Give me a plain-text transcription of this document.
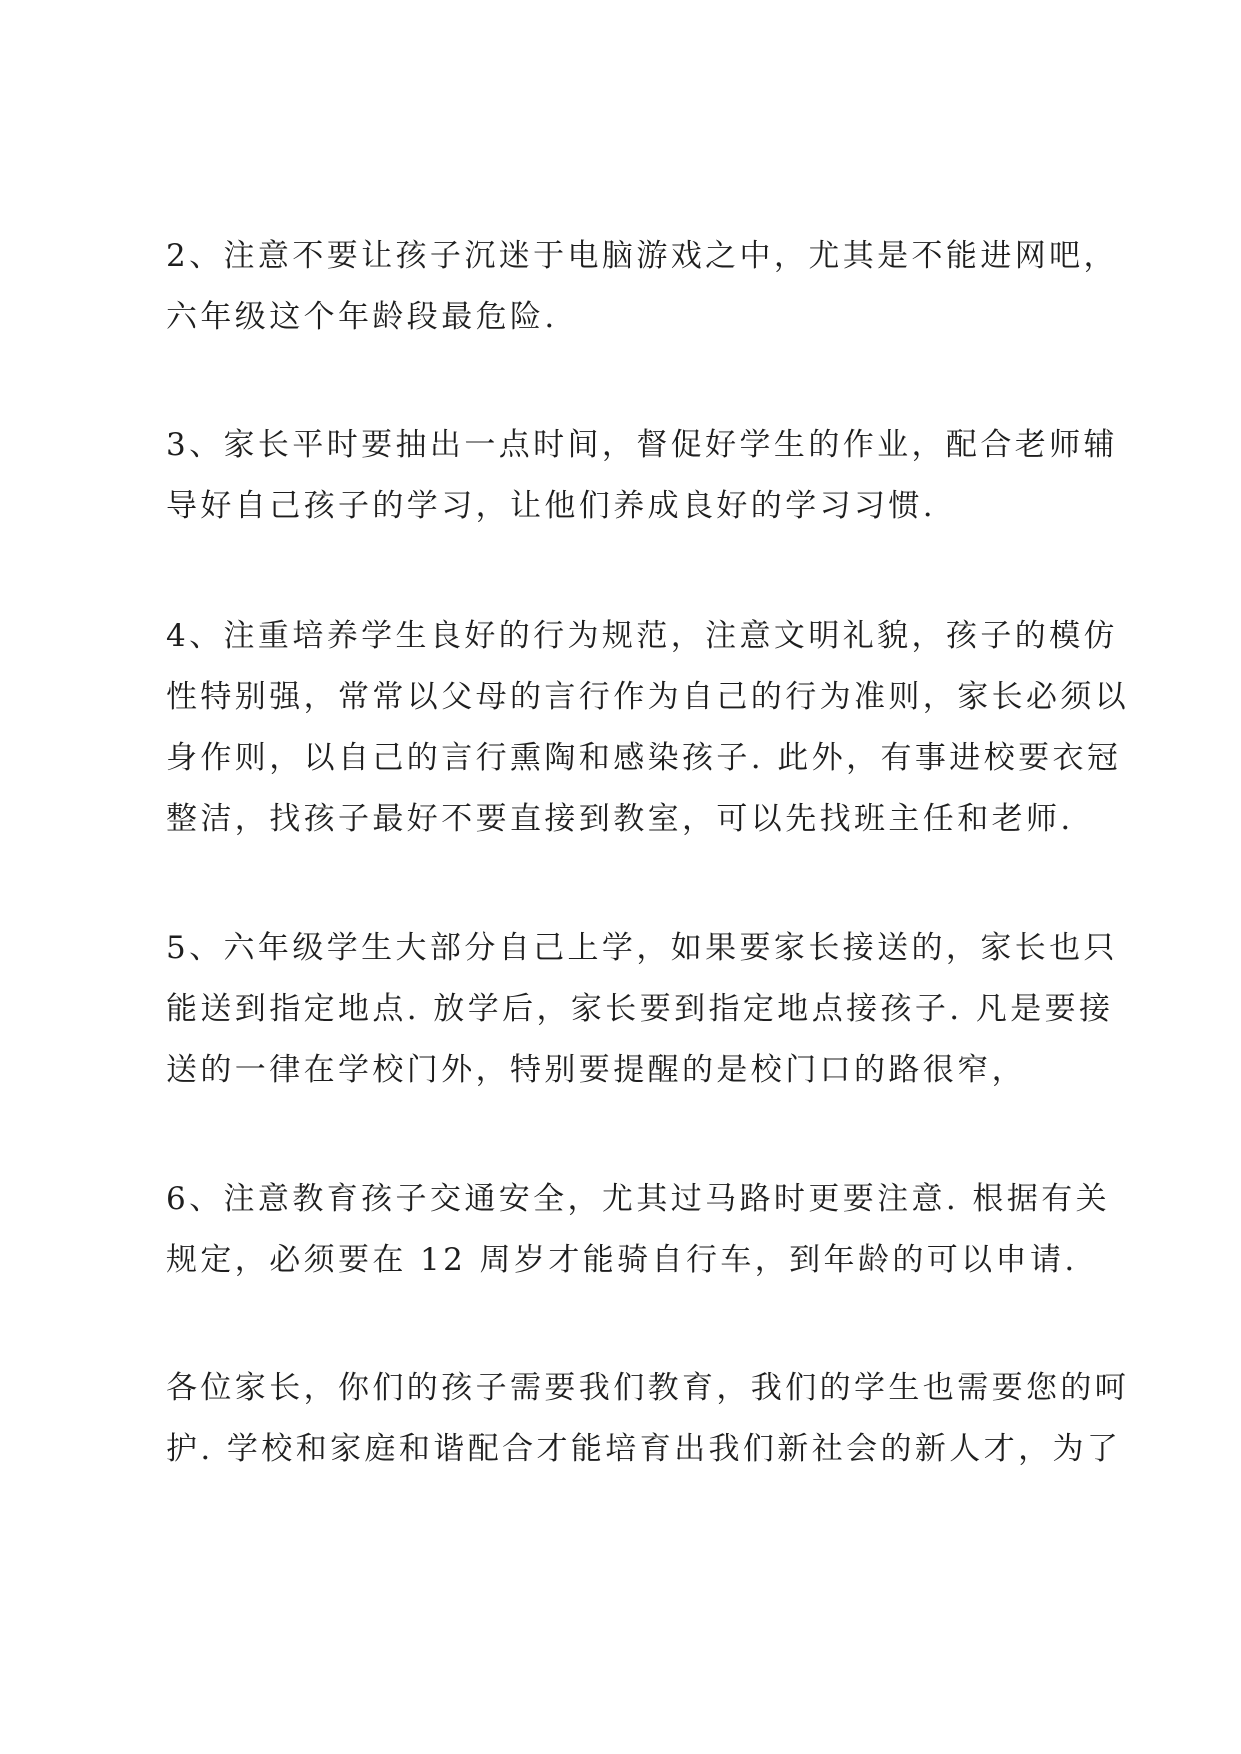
2、注意不要让孩子沉迷于电脑游戏之中，尤其是不能进网吧，
六年级这个年龄段最危险.
3、家长平时要抽出一点时间，督促好学生的作业，配合老师辅
导好自己孩子的学习，让他们养成良好的学习习惯.
4、注重培养学生良好的行为规范，注意文明礼貌，孩子的模仿
性特别强，常常以父母的言行作为自己的行为准则，家长必须以
身作则，以自己的言行熏陶和感染孩子. 此外，有事进校要衣冠
整洁，找孩子最好不要直接到教室，可以先找班主任和老师.
5、六年级学生大部分自己上学，如果要家长接送的，家长也只
能送到指定地点. 放学后，家长要到指定地点接孩子. 凡是要接
送的一律在学校门外，特别要提醒的是校门口的路很窄，
6、注意教育孩子交通安全，尤其过马路时更要注意. 根据有关
规定，必须要在 12 周岁才能骑自行车，到年龄的可以申请.
各位家长，你们的孩子需要我们教育，我们的学生也需要您的呵
护. 学校和家庭和谐配合才能培育出我们新社会的新人才，为了
